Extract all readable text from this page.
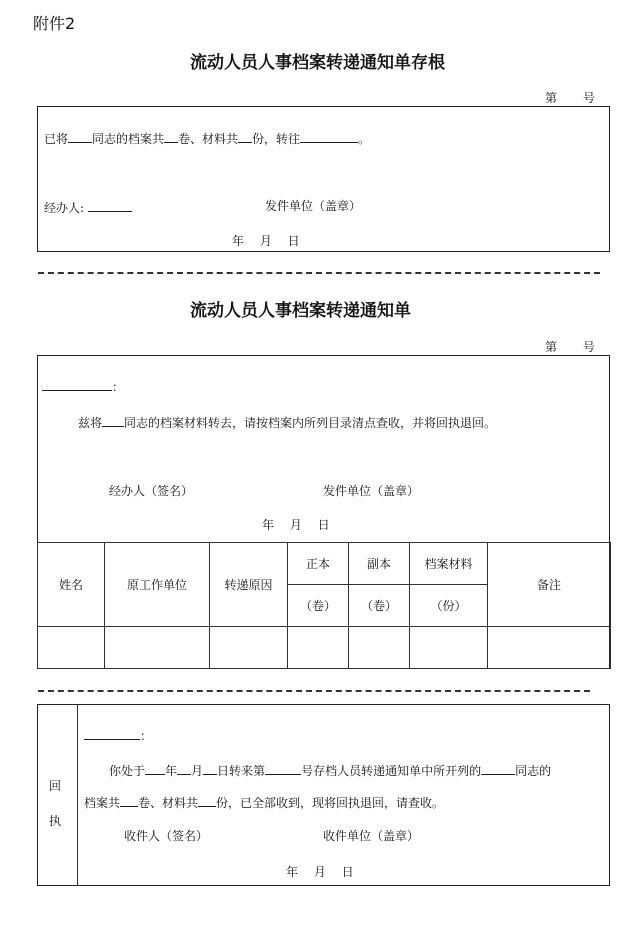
附件2
流动人员人事档案转递通知单存根
第 号
已将 同志的档案共 卷、材料共 份，转往	。
经办人:	发件单位（盖章）
年 月 日
流动人员人事档案转递通知单
第 号
：
兹将 同志的档案材料转去，请按档案内所列目录清点查收，并将回执退回。
经办人（签名）	发件单位（盖章）
年 月 日
姓名	原工作单位	转递原因	正本	副本	档案材料	备注
			（卷）	（卷）	（份）	

回
执
：
你处于 年 月 日转来第	号存档人员转递通知单中所开列的	同志的
档案共 卷、材料共 份，已全部收到，现将回执退回，请查收。
收件人（签名）	收件单位（盖章）
年 月 日
